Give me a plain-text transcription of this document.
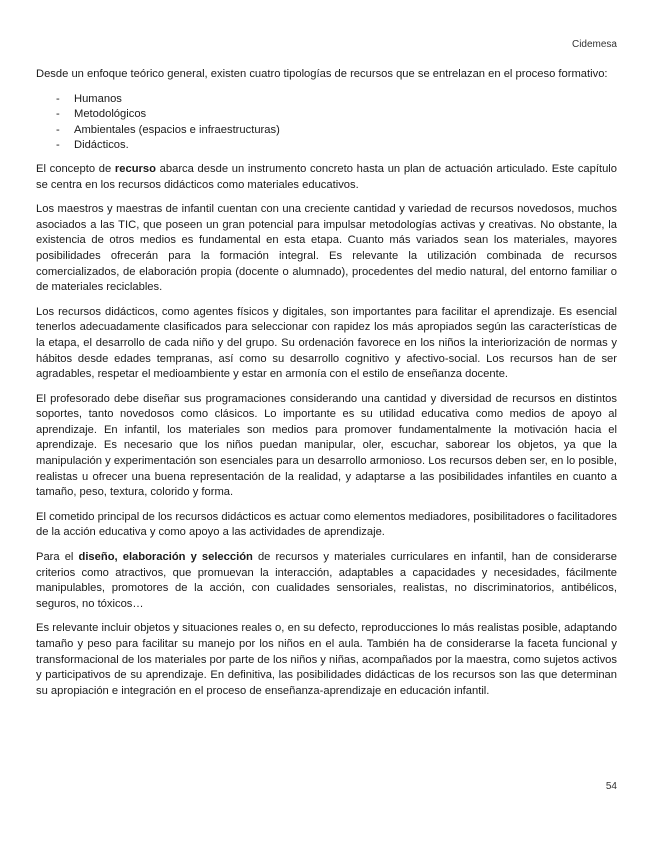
Cidemesa

Desde un enfoque teórico general, existen cuatro tipologías de recursos que se entrelazan en el proceso formativo:

- Humanos
- Metodológicos
- Ambientales (espacios e infraestructuras)
- Didácticos.

El concepto de recurso abarca desde un instrumento concreto hasta un plan de actuación articulado. Este capítulo se centra en los recursos didácticos como materiales educativos.

Los maestros y maestras de infantil cuentan con una creciente cantidad y variedad de recursos novedosos, muchos asociados a las TIC, que poseen un gran potencial para impulsar metodologías activas y creativas. No obstante, la existencia de otros medios es fundamental en esta etapa. Cuanto más variados sean los materiales, mayores posibilidades ofrecerán para la formación integral. Es relevante la utilización combinada de recursos comercializados, de elaboración propia (docente o alumnado), procedentes del medio natural, del entorno familiar o de materiales reciclables.

Los recursos didácticos, como agentes físicos y digitales, son importantes para facilitar el aprendizaje. Es esencial tenerlos adecuadamente clasificados para seleccionar con rapidez los más apropiados según las características de la etapa, el desarrollo de cada niño y del grupo. Su ordenación favorece en los niños la interiorización de normas y hábitos desde edades tempranas, así como su desarrollo cognitivo y afectivo-social. Los recursos han de ser agradables, respetar el medioambiente y estar en armonía con el estilo de enseñanza docente.

El profesorado debe diseñar sus programaciones considerando una cantidad y diversidad de recursos en distintos soportes, tanto novedosos como clásicos. Lo importante es su utilidad educativa como medios de apoyo al aprendizaje. En infantil, los materiales son medios para promover fundamentalmente la motivación hacia el aprendizaje. Es necesario que los niños puedan manipular, oler, escuchar, saborear los objetos, ya que la manipulación y experimentación son esenciales para un desarrollo armonioso. Los recursos deben ser, en lo posible, realistas u ofrecer una buena representación de la realidad, y adaptarse a las posibilidades infantiles en cuanto a tamaño, peso, textura, colorido y forma.

El cometido principal de los recursos didácticos es actuar como elementos mediadores, posibilitadores o facilitadores de la acción educativa y como apoyo a las actividades de aprendizaje.

Para el diseño, elaboración y selección de recursos y materiales curriculares en infantil, han de considerarse criterios como atractivos, que promuevan la interacción, adaptables a capacidades y necesidades, fácilmente manipulables, promotores de la acción, con cualidades sensoriales, realistas, no discriminatorios, antibélicos, seguros, no tóxicos…

Es relevante incluir objetos y situaciones reales o, en su defecto, reproducciones lo más realistas posible, adaptando tamaño y peso para facilitar su manejo por los niños en el aula. También ha de considerarse la faceta funcional y transformacional de los materiales por parte de los niños y niñas, acompañados por la maestra, como sujetos activos y participativos de su aprendizaje. En definitiva, las posibilidades didácticas de los recursos son las que determinan su apropiación e integración en el proceso de enseñanza-aprendizaje en educación infantil.

54
